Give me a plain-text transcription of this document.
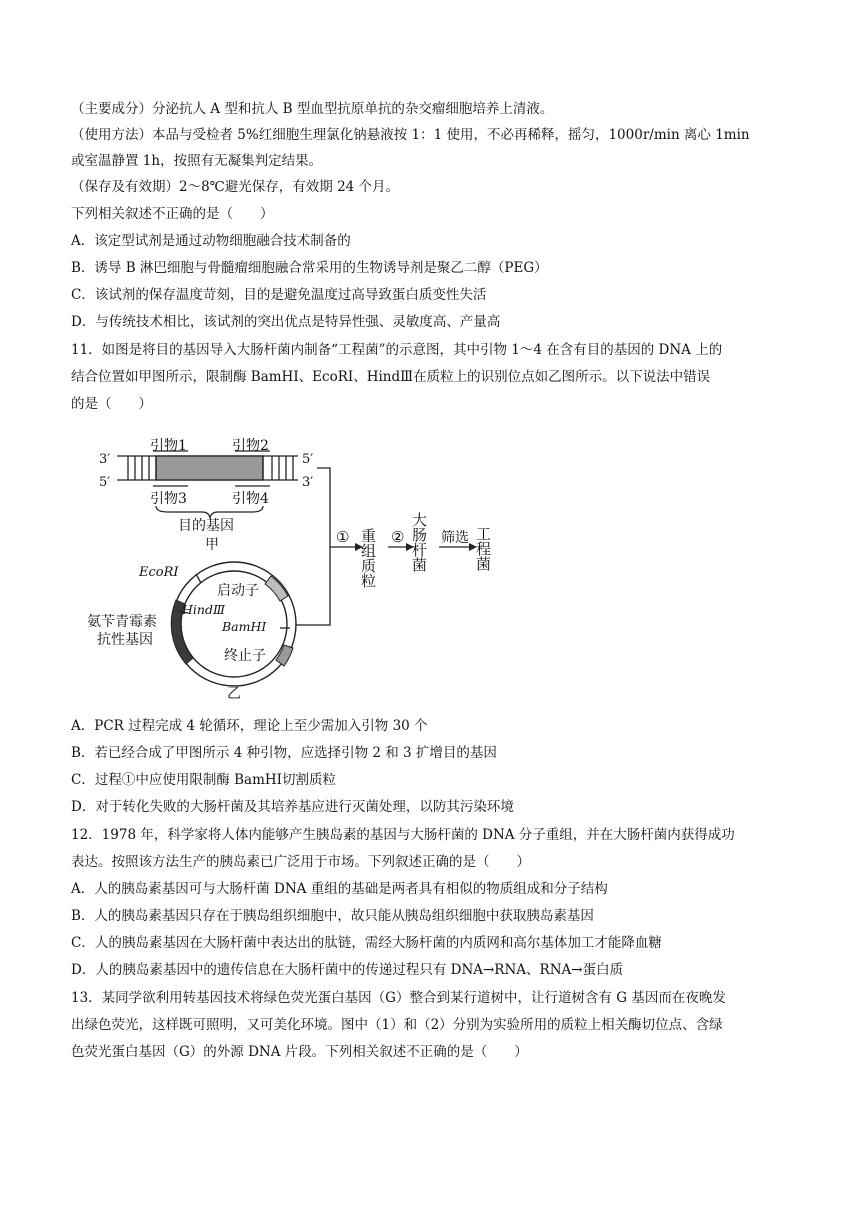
（主要成分）分泌抗人 A 型和抗人 B 型血型抗原单抗的杂交瘤细胞培养上清液。
（使用方法）本品与受检者 5%红细胞生理氯化钠悬液按 1：1 使用，不必再稀释，摇匀，1000r/min 离心 1min
或室温静置 1h，按照有无凝集判定结果。
（保存及有效期）2～8℃避光保存，有效期 24 个月。
下列相关叙述不正确的是（　　）
A．该定型试剂是通过动物细胞融合技术制备的
B．诱导 B 淋巴细胞与骨髓瘤细胞融合常采用的生物诱导剂是聚乙二醇（PEG）
C．该试剂的保存温度苛刻，目的是避免温度过高导致蛋白质变性失活
D．与传统技术相比，该试剂的突出优点是特异性强、灵敏度高、产量高
11．如图是将目的基因导入大肠杆菌内制备“工程菌”的示意图，其中引物 1～4 在含有目的基因的 DNA 上的
结合位置如甲图所示，限制酶 BamHⅠ、EcoRⅠ、HindⅢ在质粒上的识别位点如乙图所示。以下说法中错误
的是（　　）
3′
5′
5′
3′
引物1	引物2
引物3	引物4
目的基因
甲
EcoRⅠ
HindⅢ
BamHⅠ
启动子
终止子
氨苄青霉素
抗性基因
乙
① 重组质粒 ② 大肠杆菌 筛选 工程菌
A．PCR 过程完成 4 轮循环，理论上至少需加入引物 30 个
B．若已经合成了甲图所示 4 种引物，应选择引物 2 和 3 扩增目的基因
C．过程①中应使用限制酶 BamHⅠ切割质粒
D．对于转化失败的大肠杆菌及其培养基应进行灭菌处理，以防其污染环境
12．1978 年，科学家将人体内能够产生胰岛素的基因与大肠杆菌的 DNA 分子重组，并在大肠杆菌内获得成功
表达。按照该方法生产的胰岛素已广泛用于市场。下列叙述正确的是（　　）
A．人的胰岛素基因可与大肠杆菌 DNA 重组的基础是两者具有相似的物质组成和分子结构
B．人的胰岛素基因只存在于胰岛组织细胞中，故只能从胰岛组织细胞中获取胰岛素基因
C．人的胰岛素基因在大肠杆菌中表达出的肽链，需经大肠杆菌的内质网和高尔基体加工才能降血糖
D．人的胰岛素基因中的遗传信息在大肠杆菌中的传递过程只有 DNA→RNA、RNA→蛋白质
13．某同学欲利用转基因技术将绿色荧光蛋白基因（G）整合到某行道树中，让行道树含有 G 基因而在夜晚发
出绿色荧光，这样既可照明，又可美化环境。图中（1）和（2）分别为实验所用的质粒上相关酶切位点、含绿
色荧光蛋白基因（G）的外源 DNA 片段。下列相关叙述不正确的是（　　）
